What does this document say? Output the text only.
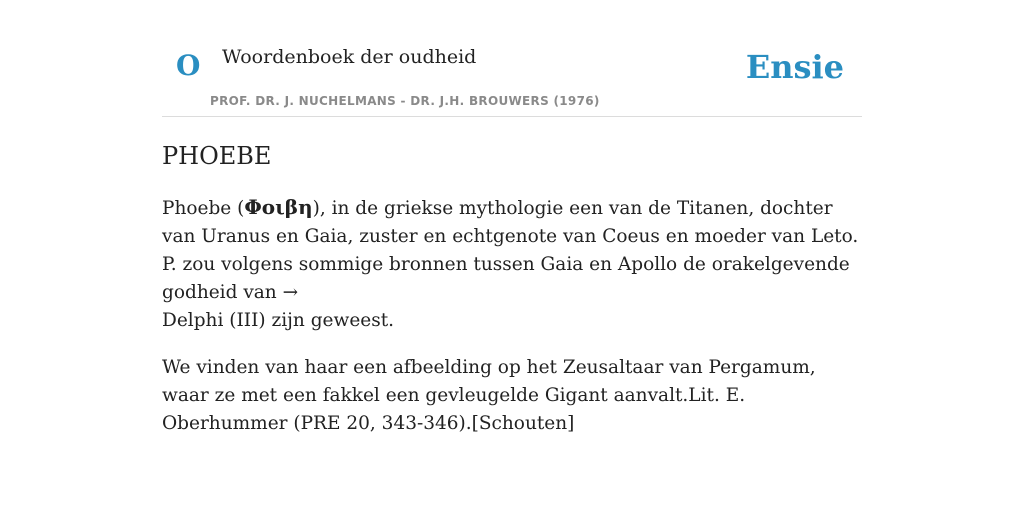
O Woordenboek der oudheid
PROF. DR. J. NUCHELMANS - DR. J.H. BROUWERS (1976)
Ensie
PHOEBE

Phoebe (Φοιβη), in de griekse mythologie een van de Titanen, dochter van Uranus en Gaia, zuster en echtgenote van Coeus en moeder van Leto. P. zou volgens sommige bronnen tussen Gaia en Apollo de orakelgevende godheid van →
Delphi (III) zijn geweest.

We vinden van haar een afbeelding op het Zeusaltaar van Pergamum, waar ze met een fakkel een gevleugelde Gigant aanvalt.Lit. E. Oberhummer (PRE 20, 343-346).[Schouten]
